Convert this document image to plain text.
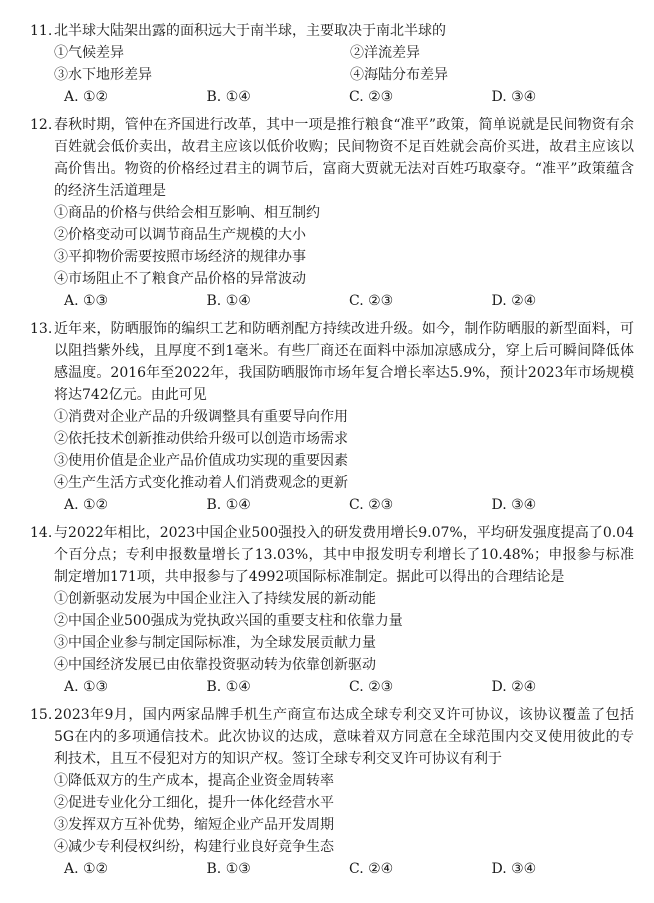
11. 北半球大陆架出露的面积远大于南半球，主要取决于南北半球的
①气候差异	②洋流差异
③水下地形差异	④海陆分布差异
A. ①②	B. ①④	C. ②③	D. ③④
12. 春秋时期，管仲在齐国进行改革，其中一项是推行粮食“准平”政策，简单说就是民间物资有余百姓就会低价卖出，故君主应该以低价收购；民间物资不足百姓就会高价买进，故君主应该以高价售出。物资的价格经过君主的调节后，富商大贾就无法对百姓巧取豪夺。“准平”政策蕴含的经济生活道理是
①商品的价格与供给会相互影响、相互制约
②价格变动可以调节商品生产规模的大小
③平抑物价需要按照市场经济的规律办事
④市场阻止不了粮食产品价格的异常波动
A. ①③	B. ①④	C. ②③	D. ②④
13. 近年来，防晒服饰的编织工艺和防晒剂配方持续改进升级。如今，制作防晒服的新型面料，可以阻挡紫外线，且厚度不到1毫米。有些厂商还在面料中添加凉感成分，穿上后可瞬间降低体感温度。2016年至2022年，我国防晒服饰市场年复合增长率达5.9%，预计2023年市场规模将达742亿元。由此可见
①消费对企业产品的升级调整具有重要导向作用
②依托技术创新推动供给升级可以创造市场需求
③使用价值是企业产品价值成功实现的重要因素
④生产生活方式变化推动着人们消费观念的更新
A. ①②	B. ①④	C. ②③	D. ③④
14. 与2022年相比，2023中国企业500强投入的研发费用增长9.07%，平均研发强度提高了0.04个百分点；专利申报数量增长了13.03%，其中申报发明专利增长了10.48%；申报参与标准制定增加171项，共申报参与了4992项国际标准制定。据此可以得出的合理结论是
①创新驱动发展为中国企业注入了持续发展的新动能
②中国企业500强成为党执政兴国的重要支柱和依靠力量
③中国企业参与制定国际标准，为全球发展贡献力量
④中国经济发展已由依靠投资驱动转为依靠创新驱动
A. ①③	B. ①④	C. ②③	D. ②④
15. 2023年9月，国内两家品牌手机生产商宣布达成全球专利交叉许可协议，该协议覆盖了包括5G在内的多项通信技术。此次协议的达成，意味着双方同意在全球范围内交叉使用彼此的专利技术，且互不侵犯对方的知识产权。签订全球专利交叉许可协议有利于
①降低双方的生产成本，提高企业资金周转率
②促进专业化分工细化，提升一体化经营水平
③发挥双方互补优势，缩短企业产品开发周期
④减少专利侵权纠纷，构建行业良好竞争生态
A. ①②	B. ①③	C. ②④	D. ③④
